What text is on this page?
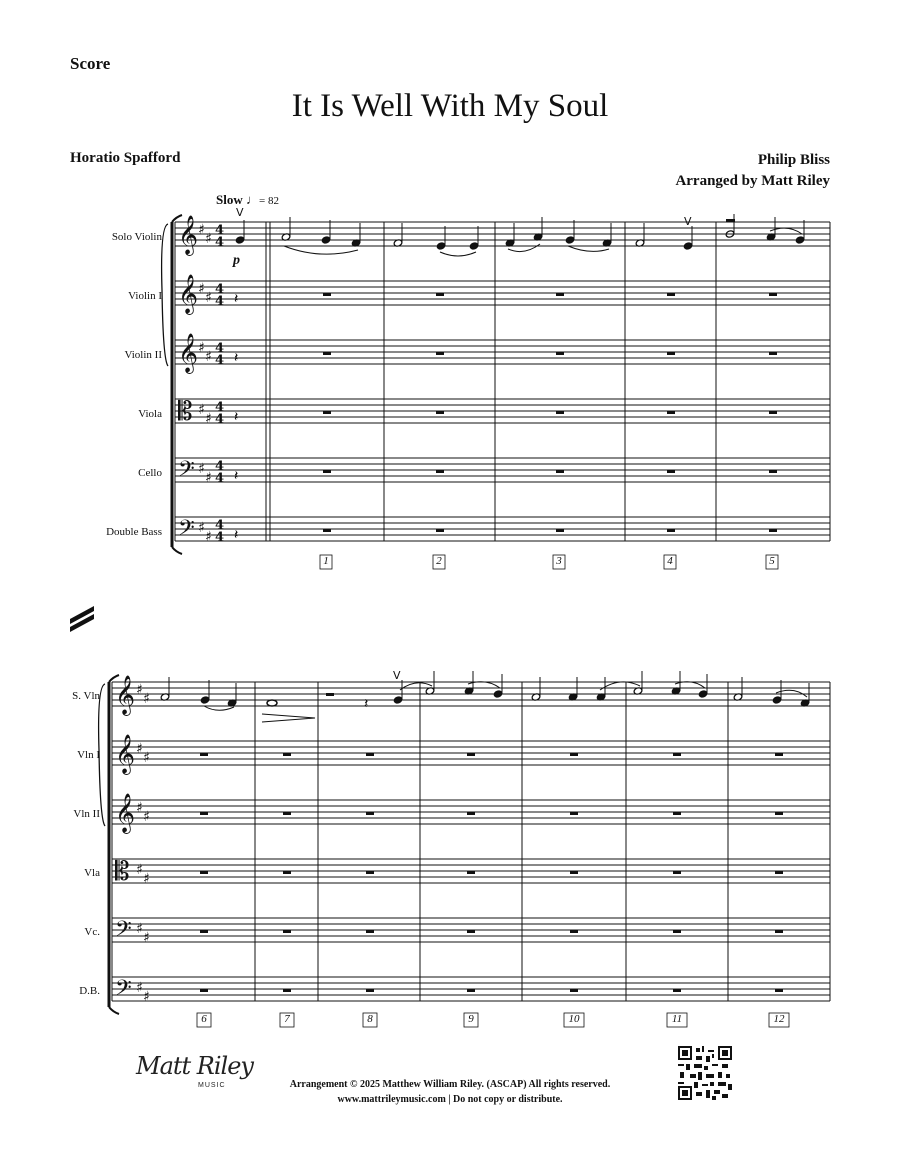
Score
It Is Well With My Soul
Horatio Spafford	Philip Bliss
Arranged by Matt Riley
Slow ♩= 82
𝄞
𝄞
𝄞
𝄡
𝄢
𝄢
♯
♯
♯
♯
♯
♯
♯
♯
♯
♯
♯
♯
4
4
4
4
4
4
4
4
4
4
4
4
𝄽
𝄽
𝄽
𝄽
𝄽
𝄞
𝄞
𝄞
𝄡
𝄢
𝄢
♯
♯
♯
♯
♯
♯
♯
♯
♯
♯
♯
♯
V
V
𝄽
V
Solo Violin
Violin I
Violin II
Viola
Cello
Double Bass
p
S. Vln
Vln I
Vln II
Vla
Vc.
D.B.
1	2	3	4	5
6	7	8	9	10	11	12
Matt Riley
MUSIC	Arrangement © 2025 Matthew William Riley. (ASCAP) All rights reserved.
www.mattrileymusic.com | Do not copy or distribute.
